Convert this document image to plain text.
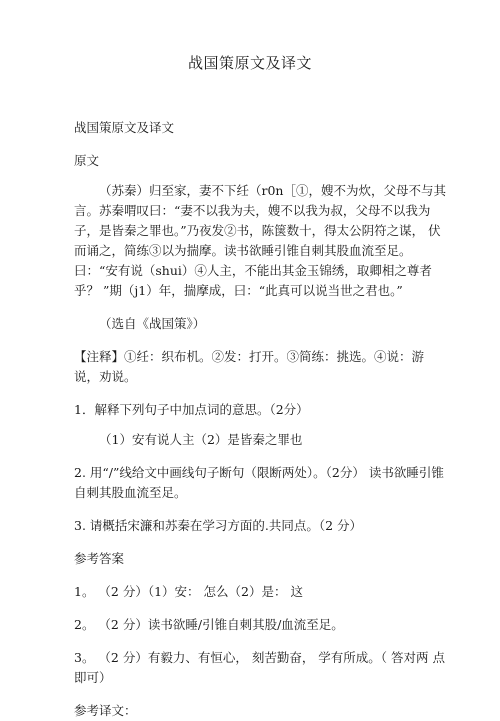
战国策原文及译文

战国策原文及译文

原文

（苏秦）归至家，妻不下纴（r0n［①，嫂不为炊，父母不与其言。苏秦喟叹曰：“妻不以我为夫，嫂不以我为叔，父母不以我为子，是皆秦之罪也。”乃夜发②书，陈箧数十，得太公阴符之谋， 伏而诵之，简练③以为揣摩。读书欲睡引锥自刺其股血流至足。曰：“安有说（shui）④人主，不能出其金玉锦绣，取卿相之尊者乎？ ”期（j1）年，揣摩成，曰：“此真可以说当世之君也。”

（选自《战国策》）

【注释】①纴：织布机。②发：打开。③简练：挑选。④说：游说，劝说。

1．解释下列句子中加点词的意思。（2分）

（1）安有说人主（2）是皆秦之罪也

2. 用“/”线给文中画线句子断句（限断两处）。（2分） 读书欲睡引锥自刺其股血流至足。

3. 请概括宋濂和苏秦在学习方面的.共同点。（2 分）

参考答案

1。 （2 分）（1）安： 怎么（2）是： 这

2。 （2 分）读书欲睡/引锥自刺其股/血流至足。

3。 （2 分）有毅力、有恒心， 刻苦勤奋， 学有所成。（ 答对两 点即可）

参考译文：
